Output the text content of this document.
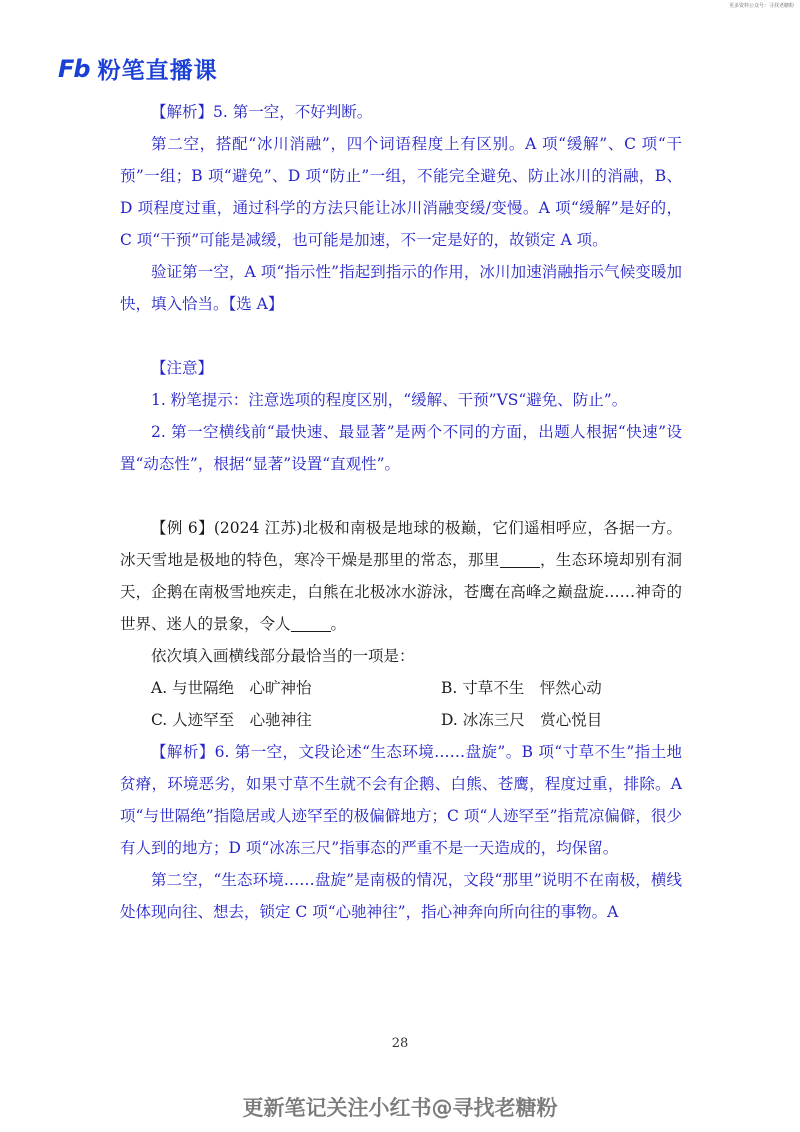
更多资料公众号：寻找老糖粉
Fb 粉笔直播课

【解析】5. 第一空，不好判断。

第二空，搭配“冰川消融”，四个词语程度上有区别。A 项“缓解”、C 项“干预”一组；B 项“避免”、D 项“防止”一组，不能完全避免、防止冰川的消融，B、D 项程度过重，通过科学的方法只能让冰川消融变缓/变慢。A 项“缓解”是好的，C 项“干预”可能是减缓，也可能是加速，不一定是好的，故锁定 A 项。

验证第一空，A 项“指示性”指起到指示的作用，冰川加速消融指示气候变暖加快，填入恰当。【选 A】

【注意】

1. 粉笔提示：注意选项的程度区别，“缓解、干预”VS“避免、防止”。

2. 第一空横线前“最快速、最显著”是两个不同的方面，出题人根据“快速”设置“动态性”，根据“显著”设置“直观性”。

【例 6】(2024 江苏)北极和南极是地球的极巅，它们遥相呼应，各据一方。冰天雪地是极地的特色，寒冷干燥是那里的常态，那里	，生态环境却别有洞天，企鹅在南极雪地疾走，白熊在北极冰水游泳，苍鹰在高峰之巅盘旋……神奇的世界、迷人的景象，令人	。

依次填入画横线部分最恰当的一项是：

A. 与世隔绝　心旷神怡	B. 寸草不生　怦然心动
C. 人迹罕至　心驰神往	D. 冰冻三尺　赏心悦目

【解析】6. 第一空，文段论述“生态环境……盘旋”。B 项“寸草不生”指土地贫瘠，环境恶劣，如果寸草不生就不会有企鹅、白熊、苍鹰，程度过重，排除。A 项“与世隔绝”指隐居或人迹罕至的极偏僻地方；C 项“人迹罕至”指荒凉偏僻，很少有人到的地方；D 项“冰冻三尺”指事态的严重不是一天造成的，均保留。

第二空，“生态环境……盘旋”是南极的情况，文段“那里”说明不在南极，横线处体现向往、想去，锁定 C 项“心驰神往”，指心神奔向所向往的事物。A

28
更新笔记关注小红书@寻找老糖粉
